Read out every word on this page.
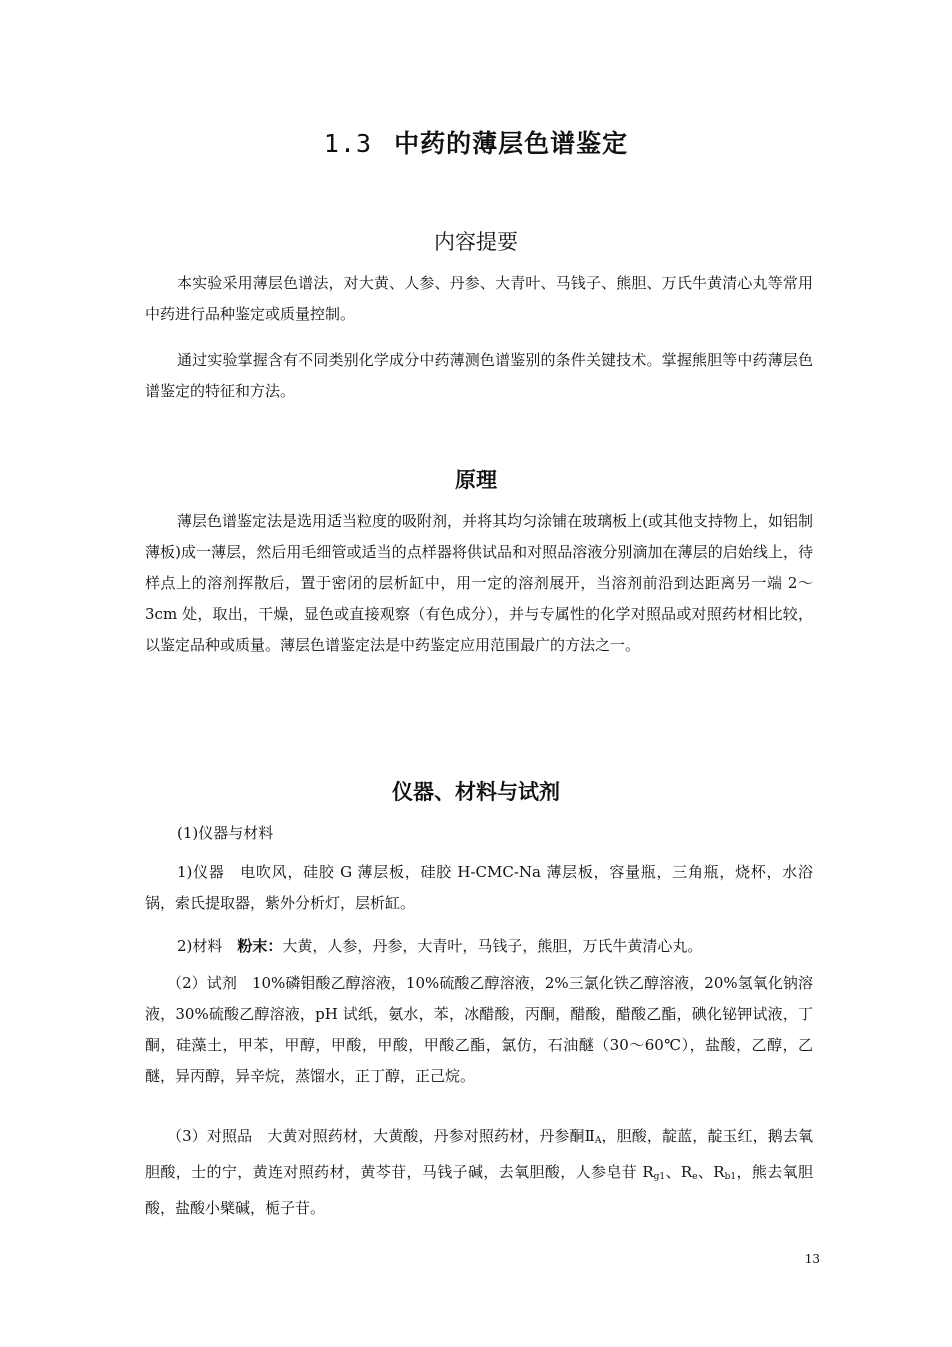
1.3 中药的薄层色谱鉴定
内容提要

本实验采用薄层色谱法，对大黄、人参、丹参、大青叶、马钱子、熊胆、万氏牛黄清心丸等常用中药进行品种鉴定或质量控制。

通过实验掌握含有不同类别化学成分中药薄测色谱鉴别的条件关键技术。掌握熊胆等中药薄层色谱鉴定的特征和方法。

原理

薄层色谱鉴定法是选用适当粒度的吸附剂，并将其均匀涂铺在玻璃板上(或其他支持物上，如铝制薄板)成一薄层，然后用毛细管或适当的点样器将供试品和对照品溶液分别滴加在薄层的启始线上，待样点上的溶剂挥散后，置于密闭的层析缸中，用一定的溶剂展开，当溶剂前沿到达距离另一端 2～3cm 处，取出，干燥，显色或直接观察（有色成分），并与专属性的化学对照品或对照药材相比较，以鉴定品种或质量。薄层色谱鉴定法是中药鉴定应用范围最广的方法之一。

仪器、材料与试剂

(1)仪器与材料

1)仪器　电吹风，硅胶 G 薄层板，硅胶 H-CMC-Na 薄层板，容量瓶，三角瓶，烧杯，水浴锅，索氏提取器，紫外分析灯，层析缸。

2)材料　粉末：大黄，人参，丹参，大青叶，马钱子，熊胆，万氏牛黄清心丸。

（2）试剂　10%磷钼酸乙醇溶液，10%硫酸乙醇溶液，2%三氯化铁乙醇溶液，20%氢氧化钠溶液，30%硫酸乙醇溶液，pH 试纸，氨水，苯，冰醋酸，丙酮，醋酸，醋酸乙酯，碘化铋钾试液，丁酮，硅藻土，甲苯，甲醇，甲酸，甲酸，甲酸乙酯，氯仿，石油醚（30～60℃），盐酸，乙醇，乙醚，异丙醇，异辛烷，蒸馏水，正丁醇，正己烷。

（3）对照品　大黄对照药材，大黄酸，丹参对照药材，丹参酮$Ⅱ_A$，胆酸，靛蓝，靛玉红，鹅去氧胆酸，士的宁，黄连对照药材，黄芩苷，马钱子碱，去氧胆酸，人参皂苷 $R_{g1}$、$R_e$、$R_{b1}$，熊去氧胆酸，盐酸小檗碱，栀子苷。

13
